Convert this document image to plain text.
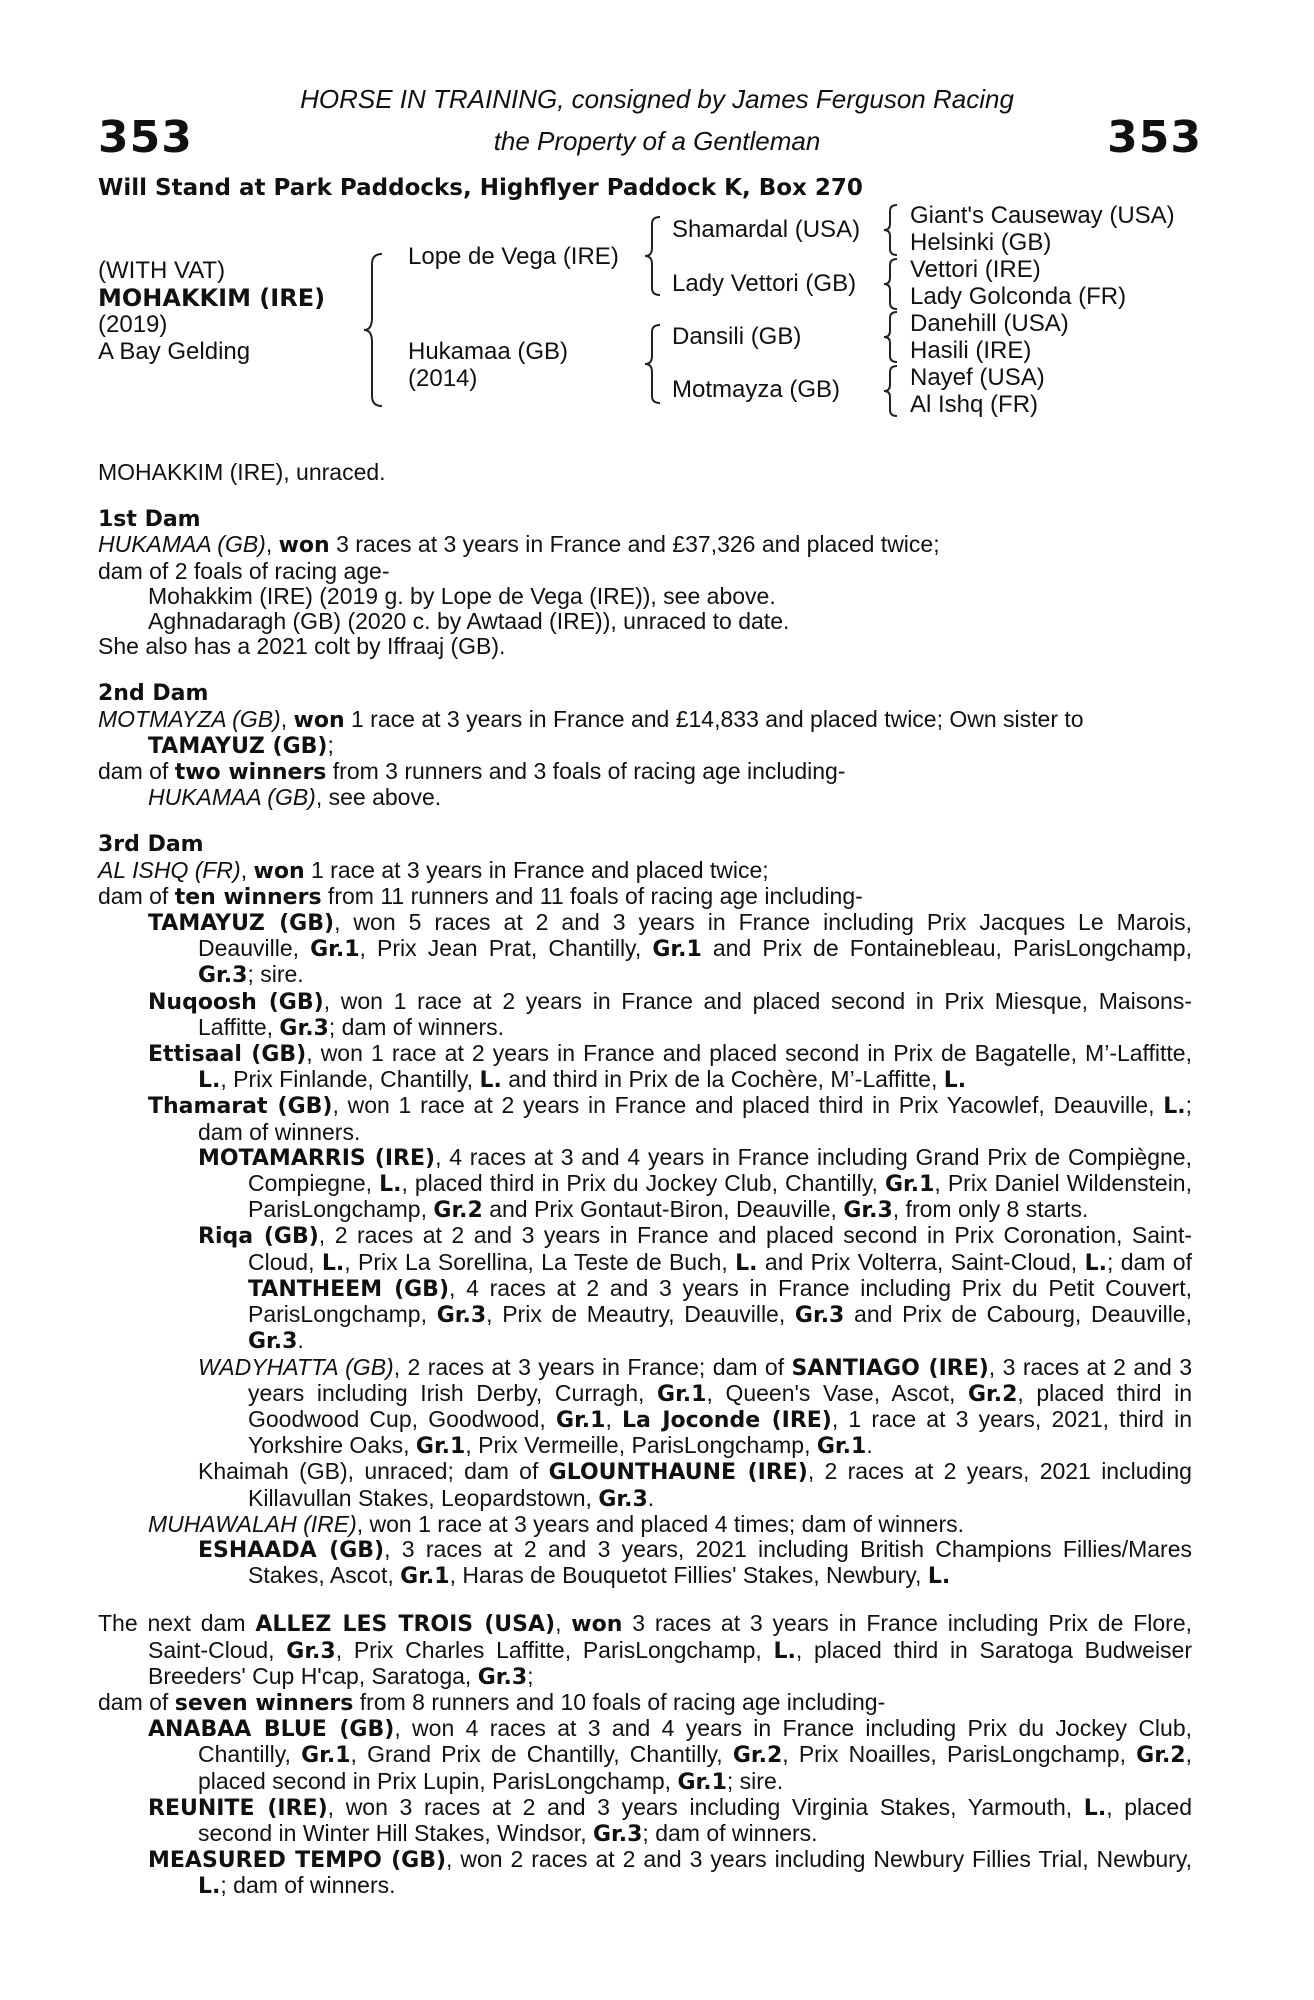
353	353
HORSE IN TRAINING, consigned by James Ferguson Racing
the Property of a Gentleman
Will Stand at Park Paddocks, Highflyer Paddock K, Box 270
(WITH VAT)
MOHAKKIM (IRE)
(2019)
A Bay Gelding
Lope de Vega (IRE)
Hukamaa (GB)
(2014)
Shamardal (USA)
Lady Vettori (GB)
Dansili (GB)
Motmayza (GB)
Giant's Causeway (USA)
Helsinki (GB)
Vettori (IRE)
Lady Golconda (FR)
Danehill (USA)
Hasili (IRE)
Nayef (USA)
Al Ishq (FR)

MOHAKKIM (IRE), unraced.

1st Dam

HUKAMAA (GB), won 3 races at 3 years in France and £37,326 and placed twice;

dam of 2 foals of racing age-

Mohakkim (IRE) (2019 g. by Lope de Vega (IRE)), see above.

Aghnadaragh (GB) (2020 c. by Awtaad (IRE)), unraced to date.

She also has a 2021 colt by Iffraaj (GB).

2nd Dam

MOTMAYZA (GB), won 1 race at 3 years in France and £14,833 and placed twice; Own sister to TAMAYUZ (GB);

dam of two winners from 3 runners and 3 foals of racing age including-

HUKAMAA (GB), see above.

3rd Dam

AL ISHQ (FR), won 1 race at 3 years in France and placed twice;

dam of ten winners from 11 runners and 11 foals of racing age including-

TAMAYUZ (GB), won 5 races at 2 and 3 years in France including Prix Jacques Le Marois, Deauville, Gr.1, Prix Jean Prat, Chantilly, Gr.1 and Prix de Fontainebleau, ParisLongchamp, Gr.3; sire.

Nuqoosh (GB), won 1 race at 2 years in France and placed second in Prix Miesque, Maisons-Laffitte, Gr.3; dam of winners.

Ettisaal (GB), won 1 race at 2 years in France and placed second in Prix de Bagatelle, M’-Laffitte, L., Prix Finlande, Chantilly, L. and third in Prix de la Cochère, M’-Laffitte, L.

Thamarat (GB), won 1 race at 2 years in France and placed third in Prix Yacowlef, Deauville, L.; dam of winners.

MOTAMARRIS (IRE), 4 races at 3 and 4 years in France including Grand Prix de Compiègne, Compiegne, L., placed third in Prix du Jockey Club, Chantilly, Gr.1, Prix Daniel Wildenstein, ParisLongchamp, Gr.2 and Prix Gontaut-Biron, Deauville, Gr.3, from only 8 starts.

Riqa (GB), 2 races at 2 and 3 years in France and placed second in Prix Coronation, Saint-Cloud, L., Prix La Sorellina, La Teste de Buch, L. and Prix Volterra, Saint-Cloud, L.; dam of TANTHEEM (GB), 4 races at 2 and 3 years in France including Prix du Petit Couvert, ParisLongchamp, Gr.3, Prix de Meautry, Deauville, Gr.3 and Prix de Cabourg, Deauville, Gr.3.

WADYHATTA (GB), 2 races at 3 years in France; dam of SANTIAGO (IRE), 3 races at 2 and 3 years including Irish Derby, Curragh, Gr.1, Queen's Vase, Ascot, Gr.2, placed third in Goodwood Cup, Goodwood, Gr.1, La Joconde (IRE), 1 race at 3 years, 2021, third in Yorkshire Oaks, Gr.1, Prix Vermeille, ParisLongchamp, Gr.1.

Khaimah (GB), unraced; dam of GLOUNTHAUNE (IRE), 2 races at 2 years, 2021 including Killavullan Stakes, Leopardstown, Gr.3.

MUHAWALAH (IRE), won 1 race at 3 years and placed 4 times; dam of winners.

ESHAADA (GB), 3 races at 2 and 3 years, 2021 including British Champions Fillies/Mares Stakes, Ascot, Gr.1, Haras de Bouquetot Fillies' Stakes, Newbury, L.

The next dam ALLEZ LES TROIS (USA), won 3 races at 3 years in France including Prix de Flore, Saint-Cloud, Gr.3, Prix Charles Laffitte, ParisLongchamp, L., placed third in Saratoga Budweiser Breeders' Cup H'cap, Saratoga, Gr.3;

dam of seven winners from 8 runners and 10 foals of racing age including-

ANABAA BLUE (GB), won 4 races at 3 and 4 years in France including Prix du Jockey Club, Chantilly, Gr.1, Grand Prix de Chantilly, Chantilly, Gr.2, Prix Noailles, ParisLongchamp, Gr.2, placed second in Prix Lupin, ParisLongchamp, Gr.1; sire.

REUNITE (IRE), won 3 races at 2 and 3 years including Virginia Stakes, Yarmouth, L., placed second in Winter Hill Stakes, Windsor, Gr.3; dam of winners.

MEASURED TEMPO (GB), won 2 races at 2 and 3 years including Newbury Fillies Trial, Newbury, L.; dam of winners.
